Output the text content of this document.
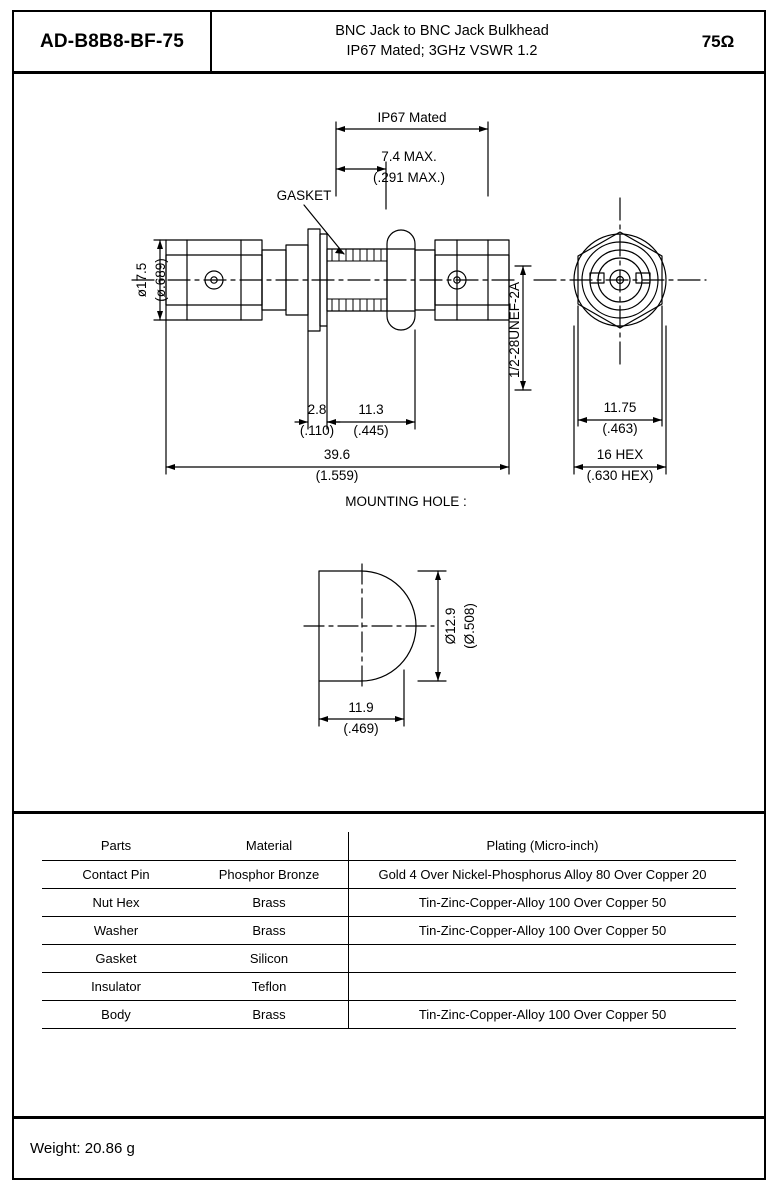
AD-B8B8-BF-75	BNC Jack to BNC Jack Bulkhead
IP67 Mated; 3GHz VSWR 1.2	75Ω
IP67 Mated
GASKET
7.4 MAX.
(.291 MAX.)
ø17.5 (ø.689)
1/2-28UNEF-2A
2.8
(.110)
11.3
(.445)
39.6
(1.559)
11.75
(.463)
16 HEX
(.630 HEX)
MOUNTING HOLE :
Ø12.9 (Ø.508)
11.9
(.469)
Parts	Material	Plating (Micro-inch)
Contact Pin	Phosphor Bronze	Gold 4 Over Nickel-Phosphorus Alloy 80 Over Copper 20
Nut Hex	Brass	Tin-Zinc-Copper-Alloy 100 Over Copper 50
Washer	Brass	Tin-Zinc-Copper-Alloy 100 Over Copper 50
Gasket	Silicon	
Insulator	Teflon	
Body	Brass	Tin-Zinc-Copper-Alloy 100 Over Copper 50
Weight: 20.86 g
